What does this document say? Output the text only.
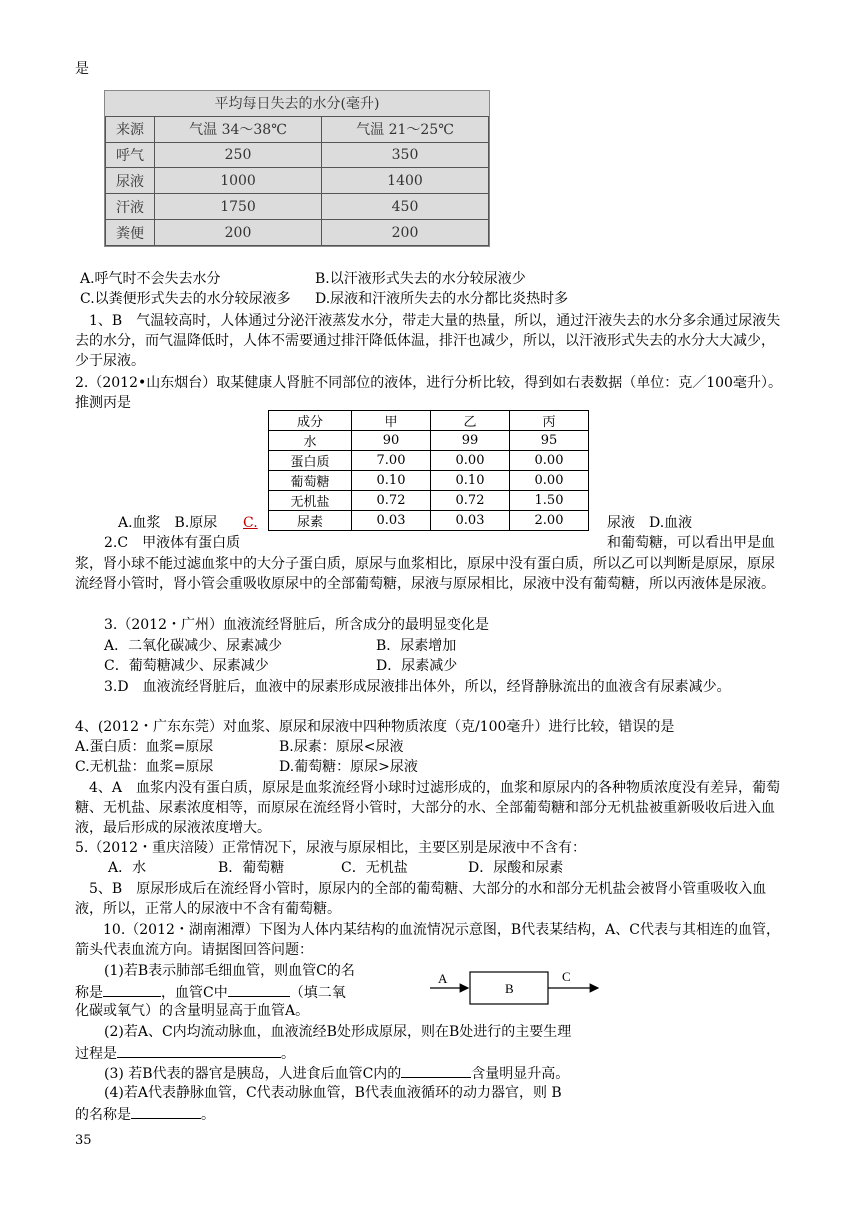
是
平均每日失去的水分(毫升)		
来源	气温 34～38℃	气温 21～25℃
呼气	250	350
尿液	1000	1400
汗液	1750	450
粪便	200	200
A.呼气时不会失去水分	B.以汗液形式失去的水分较尿液少
C.以粪便形式失去的水分较尿液多 D.尿液和汗液所失去的水分都比炎热时多
1、B　气温较高时，人体通过分泌汗液蒸发水分，带走大量的热量，所以，通过汗液失去的水分多余通过尿液失去的水分，而气温降低时，人体不需要通过排汗降低体温，排汗也减少，所以，以汗液形式失去的水分大大减少，少于尿液。
2.（2012•山东烟台）取某健康人肾脏不同部位的液体，进行分析比较，得到如右表数据（单位：克／100毫升）。推测丙是
成分	甲	乙	丙
水	90	99	95
蛋白质	7.00	0.00	0.00
葡萄糖	0.10	0.10	0.00
无机盐	0.72	0.72	1.50
尿素	0.03	0.03	2.00
A.血浆　B.原尿 C.	尿液　D.血液
2.C　甲液体有蛋白质	和葡萄糖，可以看出甲是血
浆，肾小球不能过滤血浆中的大分子蛋白质，原尿与血浆相比，原尿中没有蛋白质，所以乙可以判断是原尿，原尿流经肾小管时，肾小管会重吸收原尿中的全部葡萄糖，尿液与原尿相比，尿液中没有葡萄糖，所以丙液体是尿液。
3.（2012・广州）血液流经肾脏后，所含成分的最明显变化是
A．二氧化碳减少、尿素减少	B．尿素增加
C．葡萄糖减少、尿素减少	D．尿素减少
3.D　血液流经肾脏后，血液中的尿素形成尿液排出体外，所以，经肾静脉流出的血液含有尿素减少。
4、(2012・广东东莞）对血浆、原尿和尿液中四种物质浓度（克/100毫升）进行比较，错误的是
A.蛋白质：血浆=原尿	B.尿素：原尿<尿液
C.无机盐：血浆=原尿	D.葡萄糖：原尿>尿液
4、A　血浆内没有蛋白质，原尿是血浆流经肾小球时过滤形成的，血浆和原尿内的各种物质浓度没有差异，葡萄糖、无机盐、尿素浓度相等，而原尿在流经肾小管时，大部分的水、全部葡萄糖和部分无机盐被重新吸收后进入血液，最后形成的尿液浓度增大。
5.（2012・重庆涪陵）正常情况下，尿液与原尿相比，主要区别是尿液中不含有：
A．水	B．葡萄糖	C．无机盐	D．尿酸和尿素
5、B　原尿形成后在流经肾小管时，原尿内的全部的葡萄糖、大部分的水和部分无机盐会被肾小管重吸收入血液，所以，正常人的尿液中不含有葡萄糖。
10.（2012・湖南湘潭）下图为人体内某结构的血流情况示意图，B代表某结构，A、C代表与其相连的血管，箭头代表血流方向。请据图回答问题：
(1)若B表示肺部毛细血管，则血管C的名
称是	，血管C中	（填二氧
化碳或氧气）的含量明显高于血管A。
A
B
C
(2)若A、C内均流动脉血，血液流经B处形成原尿，则在B处进行的主要生理
过程是	。
(3) 若B代表的器官是胰岛，人进食后血管C内的	含量明显升高。
(4)若A代表静脉血管，C代表动脉血管，B代表血液循环的动力器官，则 B
的名称是	。
35
